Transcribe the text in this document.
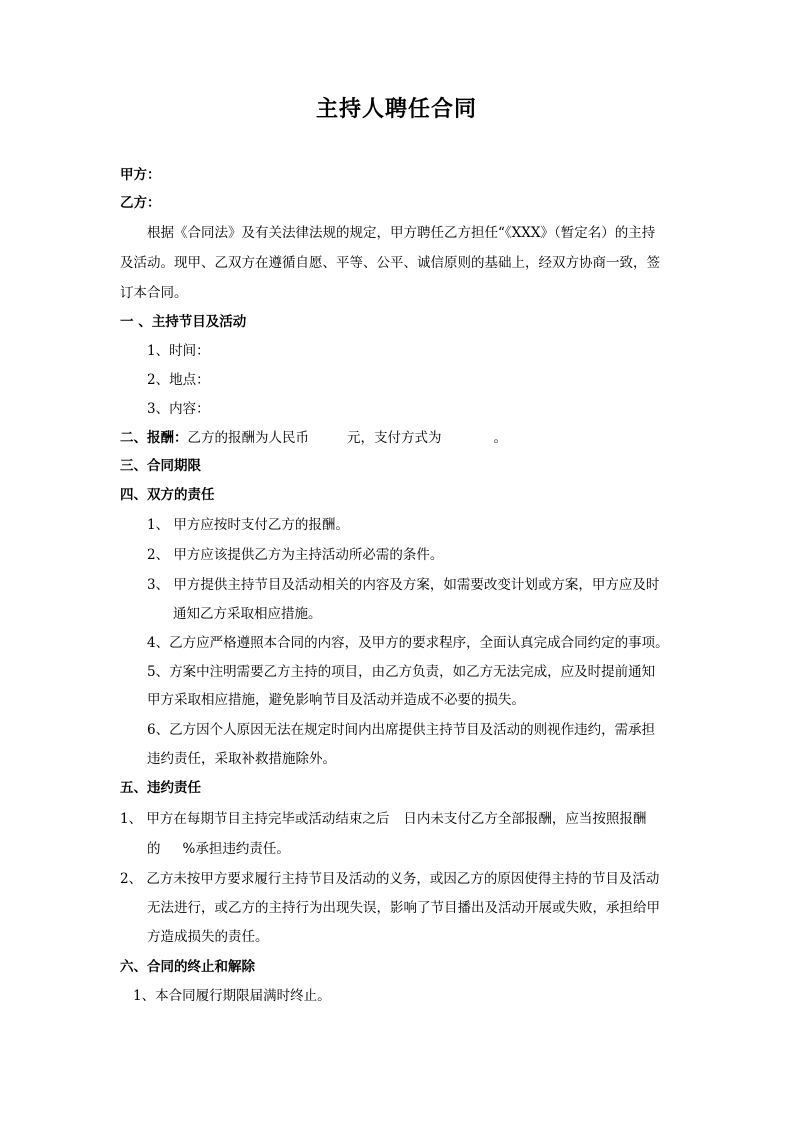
主持人聘任合同
甲方：
乙方：
根据《合同法》及有关法律法规的规定，甲方聘任乙方担任“《XXX》（暂定名）的主持
及活动。现甲、乙双方在遵循自愿、平等、公平、诚信原则的基础上，经双方协商一致，签
订本合同。
一 、主持节目及活动
1、时间：
2、地点：
3、内容：
二、报酬：乙方的报酬为人民币	元，支付方式为	。
三、合同期限
四、双方的责任
1、 甲方应按时支付乙方的报酬。
2、 甲方应该提供乙方为主持活动所必需的条件。
3、 甲方提供主持节目及活动相关的内容及方案，如需要改变计划或方案，甲方应及时
通知乙方采取相应措施。
4、乙方应严格遵照本合同的内容，及甲方的要求程序，全面认真完成合同约定的事项。
5、方案中注明需要乙方主持的项目，由乙方负责，如乙方无法完成，应及时提前通知
甲方采取相应措施，避免影响节目及活动并造成不必要的损失。
6、乙方因个人原因无法在规定时间内出席提供主持节目及活动的则视作违约，需承担
违约责任，采取补救措施除外。
五、违约责任
1、 甲方在每期节目主持完毕或活动结束之后 日内未支付乙方全部报酬，应当按照报酬
的 %承担违约责任。
2、 乙方未按甲方要求履行主持节目及活动的义务，或因乙方的原因使得主持的节目及活动
无法进行，或乙方的主持行为出现失误，影响了节目播出及活动开展或失败，承担给甲
方造成损失的责任。
六、合同的终止和解除
1、本合同履行期限届满时终止。
